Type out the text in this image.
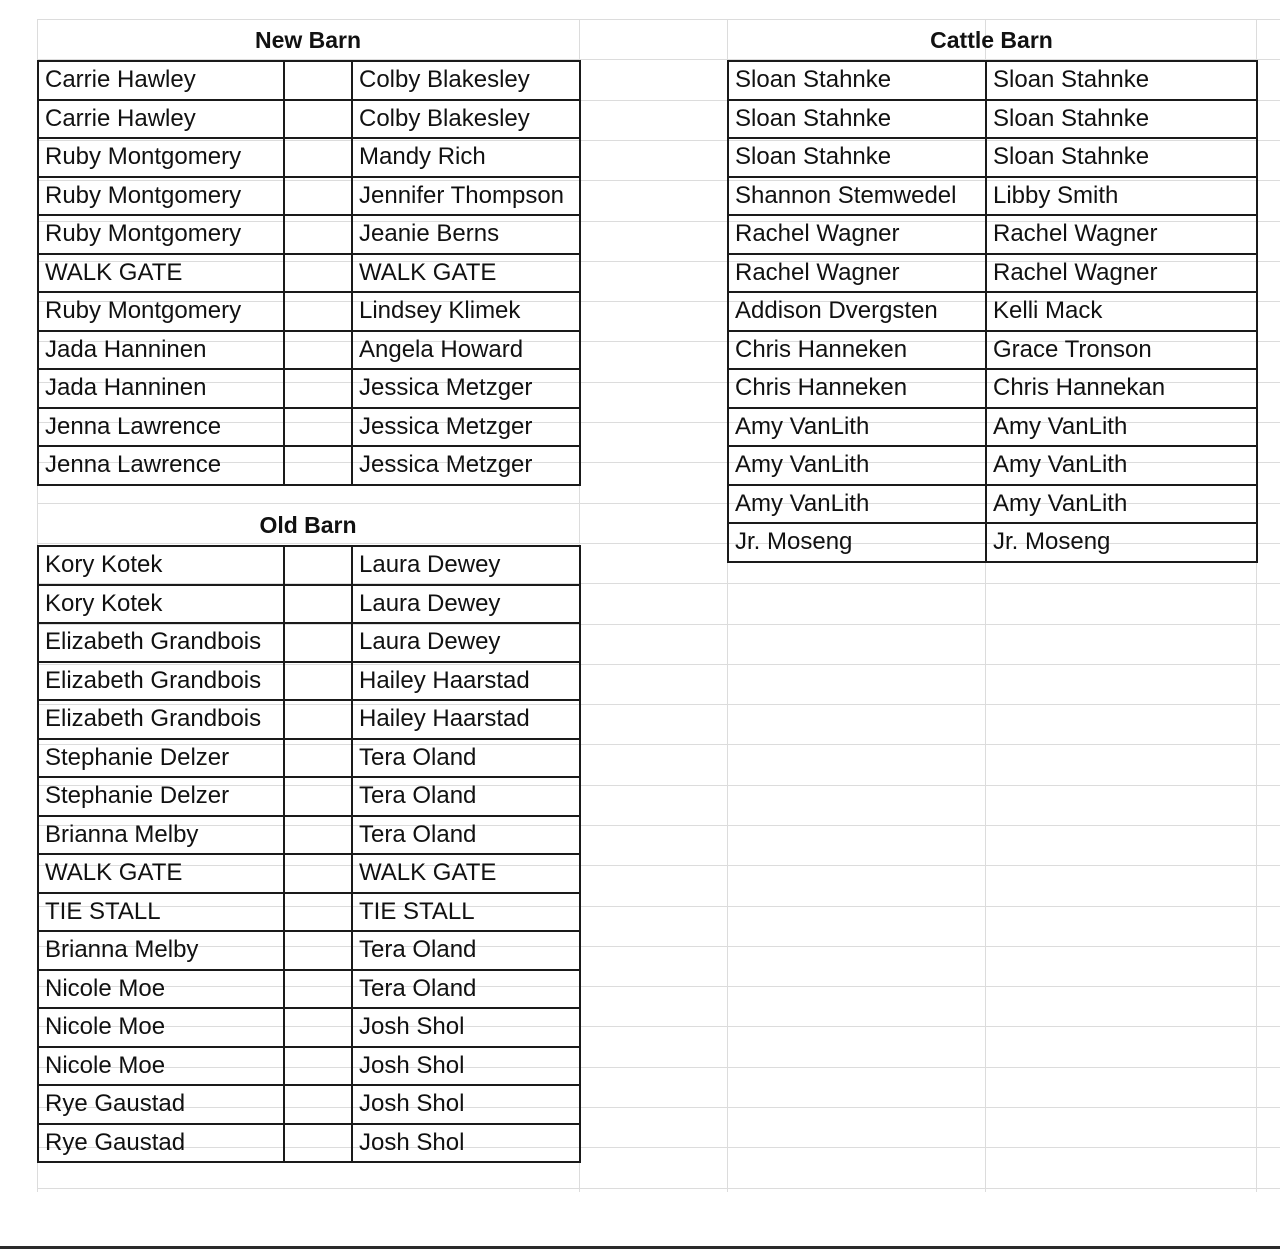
New Barn
Carrie Hawley		Colby Blakesley
Carrie Hawley		Colby Blakesley
Ruby Montgomery		Mandy Rich
Ruby Montgomery		Jennifer Thompson
Ruby Montgomery		Jeanie Berns
WALK GATE		WALK GATE
Ruby Montgomery		Lindsey Klimek
Jada Hanninen		Angela Howard
Jada Hanninen		Jessica Metzger
Jenna Lawrence		Jessica Metzger
Jenna Lawrence		Jessica Metzger
Old Barn
Kory Kotek		Laura Dewey
Kory Kotek		Laura Dewey
Elizabeth Grandbois		Laura Dewey
Elizabeth Grandbois		Hailey Haarstad
Elizabeth Grandbois		Hailey Haarstad
Stephanie Delzer		Tera Oland
Stephanie Delzer		Tera Oland
Brianna Melby		Tera Oland
WALK GATE		WALK GATE
TIE STALL		TIE STALL
Brianna Melby		Tera Oland
Nicole Moe		Tera Oland
Nicole Moe		Josh Shol
Nicole Moe		Josh Shol
Rye Gaustad		Josh Shol
Rye Gaustad		Josh Shol
Cattle Barn
Sloan Stahnke	Sloan Stahnke
Sloan Stahnke	Sloan Stahnke
Sloan Stahnke	Sloan Stahnke
Shannon Stemwedel	Libby Smith
Rachel Wagner	Rachel Wagner
Rachel Wagner	Rachel Wagner
Addison Dvergsten	Kelli Mack
Chris Hanneken	Grace Tronson
Chris Hanneken	Chris Hannekan
Amy VanLith	Amy VanLith
Amy VanLith	Amy VanLith
Amy VanLith	Amy VanLith
Jr. Moseng	Jr. Moseng
